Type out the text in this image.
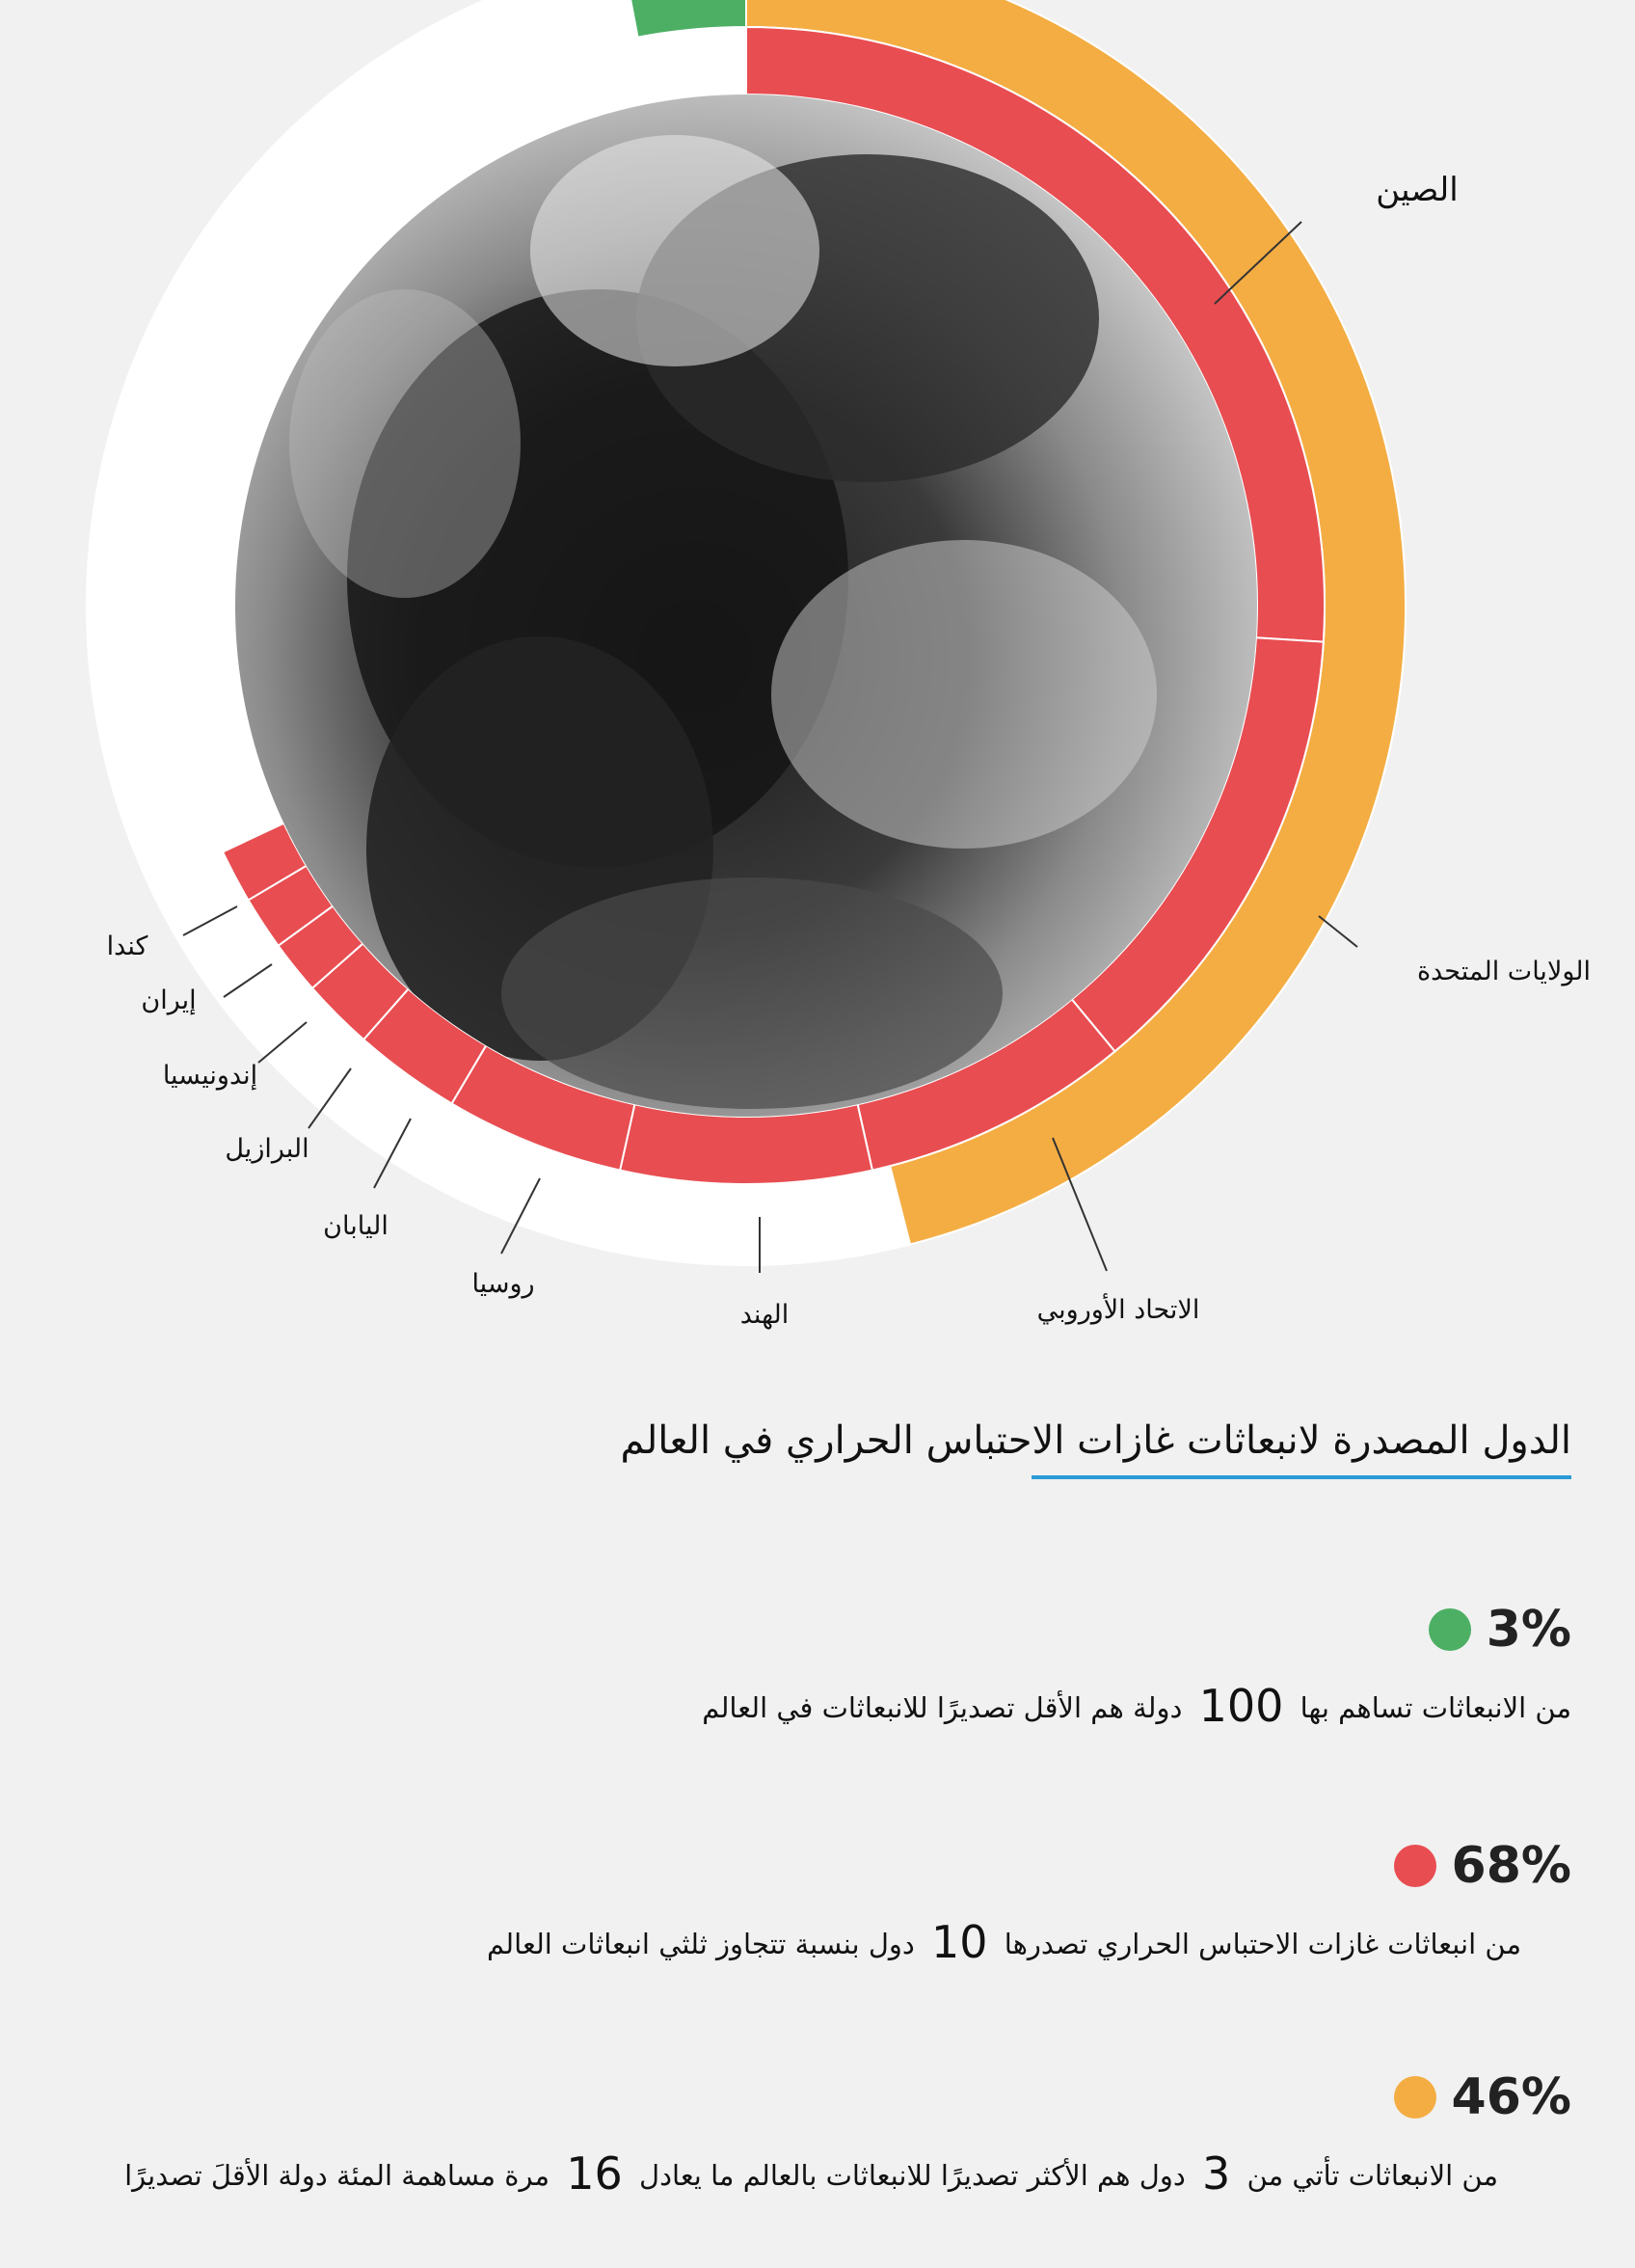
الصين
الولايات المتحدة
الاتحاد الأوروبي
الهند
روسيا
اليابان
البرازيل
إندونيسيا
إيران
كندا
الدول المصدرة لانبعاثات غازات الاحتباس الحراري في العالم
3%
من الانبعاثات تساهم بها 100 دولة هم الأقل تصديرًا للانبعاثات في العالم
68%
من انبعاثات غازات الاحتباس الحراري تصدرها 10 دول بنسبة تتجاوز ثلثي انبعاثات العالم
46%
من الانبعاثات تأتي من 3 دول هم الأكثر تصديرًا للانبعاثات بالعالم ما يعادل 16 مرة مساهمة المئة دولة الأقلَ تصديرًا
